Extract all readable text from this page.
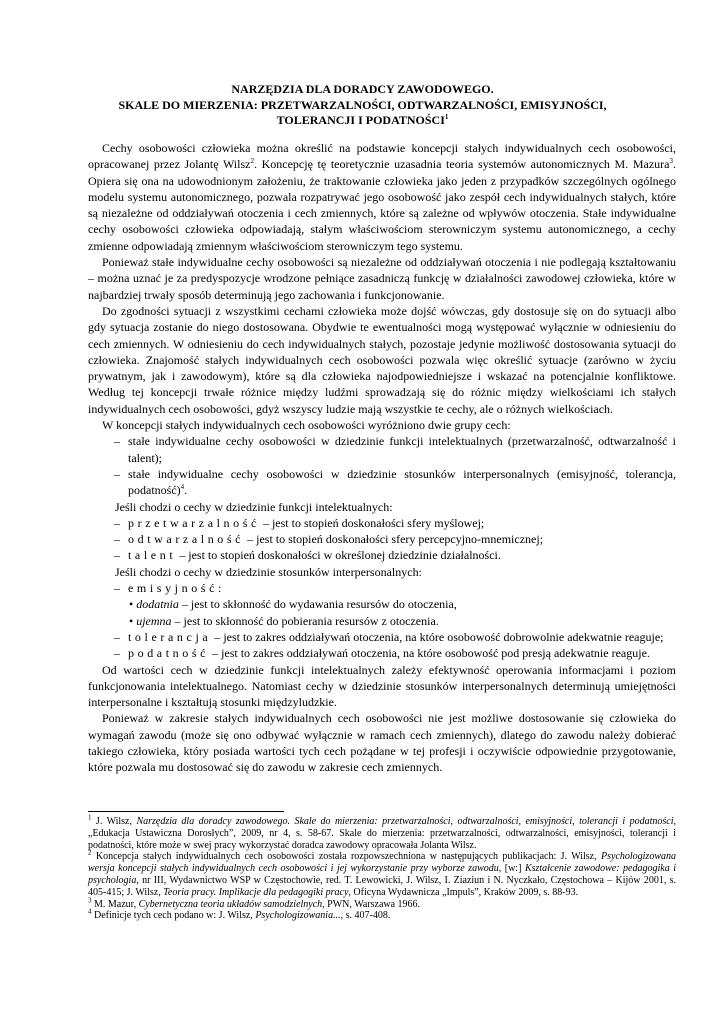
NARZĘDZIA DLA DORADCY ZAWODOWEGO.
SKALE DO MIERZENIA: PRZETWARZALNOŚCI, ODTWARZALNOŚCI, EMISYJNOŚCI,
TOLERANCJI I PODATNOŚCI$^1$

Cechy osobowości człowieka można określić na podstawie koncepcji stałych indywidualnych cech osobowości, opracowanej przez Jolantę Wilsz$^2$. Koncepcję tę teoretycznie uzasadnia teoria systemów autonomicznych M. Mazura$^3$. Opiera się ona na udowodnionym założeniu, że traktowanie człowieka jako jeden z przypadków szczególnych ogólnego modelu systemu autonomicznego, pozwala rozpatrywać jego osobowość jako zespół cech indywidualnych stałych, które są niezależne od oddziaływań otoczenia i cech zmiennych, które są zależne od wpływów otoczenia. Stałe indywidualne cechy osobowości człowieka odpowiadają, stałym właściwościom sterowniczym systemu autonomicznego, a cechy zmienne odpowiadają zmiennym właściwościom sterowniczym tego systemu.

Ponieważ stałe indywidualne cechy osobowości są niezależne od oddziaływań otoczenia i nie podlegają kształtowaniu – można uznać je za predyspozycje wrodzone pełniące zasadniczą funkcję w działalności zawodowej człowieka, które w najbardziej trwały sposób determinują jego zachowania i funkcjonowanie.

Do zgodności sytuacji z wszystkimi cechami człowieka może dojść wówczas, gdy dostosuje się on do sytuacji albo gdy sytuacja zostanie do niego dostosowana. Obydwie te ewentualności mogą występować wyłącznie w odniesieniu do cech zmiennych. W odniesieniu do cech indywidualnych stałych, pozostaje jedynie możliwość dostosowania sytuacji do człowieka. Znajomość stałych indywidualnych cech osobowości pozwala więc określić sytuacje (zarówno w życiu prywatnym, jak i zawodowym), które są dla człowieka najodpowiedniejsze i wskazać na potencjalnie konfliktowe. Według tej koncepcji trwałe różnice między ludźmi sprowadzają się do różnic między wielkościami ich stałych indywidualnych cech osobowości, gdyż wszyscy ludzie mają wszystkie te cechy, ale o różnych wielkościach.

W koncepcji stałych indywidualnych cech osobowości wyróżniono dwie grupy cech:

– stałe indywidualne cechy osobowości w dziedzinie funkcji intelektualnych (przetwarzalność, odtwarzalność i talent);
– stałe indywidualne cechy osobowości w dziedzinie stosunków interpersonalnych (emisyjność, tolerancja, podatność)$^4$.

Jeśli chodzi o cechy w dziedzinie funkcji intelektualnych:

– przetwarzalność – jest to stopień doskonałości sfery myślowej;
– odtwarzalność – jest to stopień doskonałości sfery percepcyjno-mnemicznej;
– talent – jest to stopień doskonałości w określonej dziedzinie działalności.

Jeśli chodzi o cechy w dziedzinie stosunków interpersonalnych:

– emisyjność:
• dodatnia – jest to skłonność do wydawania resursów do otoczenia,
• ujemna – jest to skłonność do pobierania resursów z otoczenia.
– tolerancja – jest to zakres oddziaływań otoczenia, na które osobowość dobrowolnie adekwatnie reaguje;
– podatność – jest to zakres oddziaływań otoczenia, na które osobowość pod presją adekwatnie reaguje.

Od wartości cech w dziedzinie funkcji intelektualnych zależy efektywność operowania informacjami i poziom funkcjonowania intelektualnego. Natomiast cechy w dziedzinie stosunków interpersonalnych determinują umiejętności interpersonalne i kształtują stosunki międzyludzkie.

Ponieważ w zakresie stałych indywidualnych cech osobowości nie jest możliwe dostosowanie się człowieka do wymagań zawodu (może się ono odbywać wyłącznie w ramach cech zmiennych), dlatego do zawodu należy dobierać takiego człowieka, który posiada wartości tych cech pożądane w tej profesji i oczywiście odpowiednie przygotowanie, które pozwala mu dostosować się do zawodu w zakresie cech zmiennych.

$^1$ J. Wilsz, Narzędzia dla doradcy zawodowego. Skale do mierzenia: przetwarzalności, odtwarzalności, emisyjności, tolerancji i podatności, „Edukacja Ustawiczna Dorosłych”, 2009, nr 4, s. 58-67. Skale do mierzenia: przetwarzalności, odtwarzalności, emisyjności, tolerancji i podatności, które może w swej pracy wykorzystać doradca zawodowy opracowała Jolanta Wilsz.

$^2$ Koncepcja stałych indywidualnych cech osobowości została rozpowszechniona w następujących publikacjach: J. Wilsz, Psychologizowana wersja koncepcji stałych indywidualnych cech osobowości i jej wykorzystanie przy wyborze zawodu, [w:] Kształcenie zawodowe: pedagogika i psychologia, nr III, Wydawnictwo WSP w Częstochowie, red. T. Lewowicki, J. Wilsz, I. Ziaziun i N. Nyczkało, Częstochowa – Kijów 2001, s. 405-415; J. Wilsz, Teoria pracy. Implikacje dla pedagogiki pracy, Oficyna Wydawnicza „Impuls”, Kraków 2009, s. 88-93.

$^3$ M. Mazur, Cybernetyczna teoria układów samodzielnych, PWN, Warszawa 1966.

$^4$ Definicje tych cech podano w: J. Wilsz, Psychologizowania..., s. 407-408.
